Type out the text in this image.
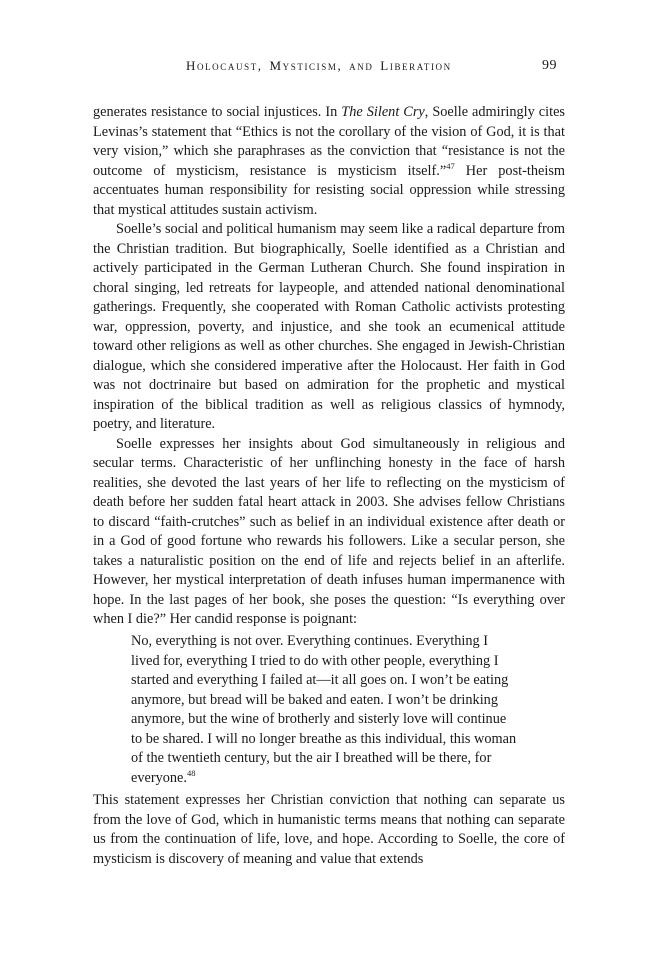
Holocaust, Mysticism, and Liberation	99

generates resistance to social injustices. In The Silent Cry, Soelle admiringly cites Levinas’s statement that “Ethics is not the corollary of the vision of God, it is that very vision,” which she paraphrases as the conviction that “resistance is not the outcome of mysticism, resistance is mysticism itself.”$^{47}$ Her post-theism accentuates human responsibility for resisting social oppression while stressing that mystical attitudes sustain activism.

Soelle’s social and political humanism may seem like a radical departure from the Christian tradition. But biographically, Soelle identified as a Christian and actively participated in the German Lutheran Church. She found inspiration in choral singing, led retreats for laypeople, and attended national denominational gatherings. Frequently, she cooperated with Roman Catholic activists protesting war, oppression, poverty, and injustice, and she took an ecumenical attitude toward other religions as well as other churches. She engaged in Jewish-Christian dialogue, which she considered imperative after the Holocaust. Her faith in God was not doctrinaire but based on admiration for the prophetic and mystical inspiration of the biblical tradition as well as religious classics of hymnody, poetry, and literature.

Soelle expresses her insights about God simultaneously in religious and secular terms. Characteristic of her unflinching honesty in the face of harsh realities, she devoted the last years of her life to reflecting on the mysticism of death before her sudden fatal heart attack in 2003. She advises fellow Christians to discard “faith-crutches” such as belief in an individual existence after death or in a God of good fortune who rewards his followers. Like a secular person, she takes a naturalistic position on the end of life and rejects belief in an afterlife. However, her mystical interpretation of death infuses human impermanence with hope. In the last pages of her book, she poses the question: “Is everything over when I die?” Her candid response is poignant:

No, everything is not over. Everything continues. Everything I
lived for, everything I tried to do with other people, everything I
started and everything I failed at—it all goes on. I won’t be eating
anymore, but bread will be baked and eaten. I won’t be drinking
anymore, but the wine of brotherly and sisterly love will continue
to be shared. I will no longer breathe as this individual, this woman
of the twentieth century, but the air I breathed will be there, for
everyone.$^{48}$

This statement expresses her Christian conviction that nothing can separate us from the love of God, which in humanistic terms means that nothing can separate us from the continuation of life, love, and hope. According to Soelle, the core of mysticism is discovery of meaning and value that extends
